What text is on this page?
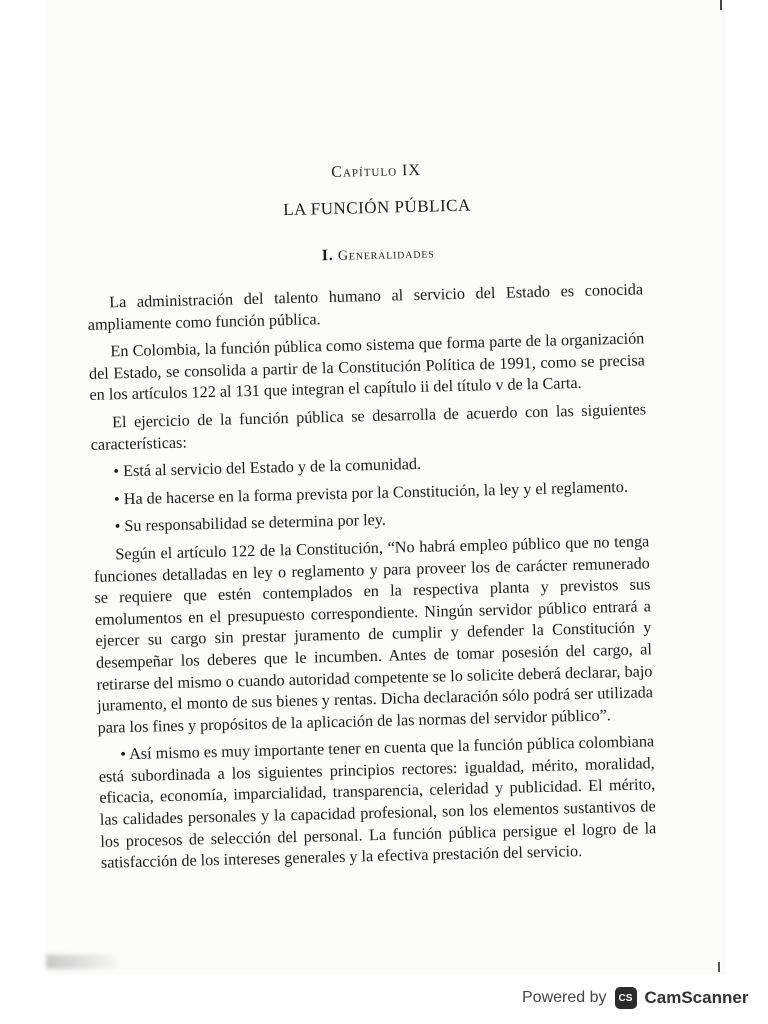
Capítulo IX
LA FUNCIÓN PÚBLICA
I. Generalidades

La administración del talento humano al servicio del Estado es conocida ampliamente como función pública.

En Colombia, la función pública como sistema que forma parte de la organización del Estado, se consolida a partir de la Constitución Política de 1991, como se precisa en los artículos 122 al 131 que integran el capítulo ii del título v de la Carta.

El ejercicio de la función pública se desarrolla de acuerdo con las siguientes características:

• Está al servicio del Estado y de la comunidad.

• Ha de hacerse en la forma prevista por la Constitución, la ley y el reglamento.

• Su responsabilidad se determina por ley.

Según el artículo 122 de la Constitución, “No habrá empleo público que no tenga funciones detalladas en ley o reglamento y para proveer los de carácter remunerado se requiere que estén contemplados en la respectiva planta y previstos sus emolumentos en el presupuesto correspondiente. Ningún servidor público entrará a ejercer su cargo sin prestar juramento de cumplir y defender la Constitución y desempeñar los deberes que le incumben. Antes de tomar posesión del cargo, al retirarse del mismo o cuando autoridad competente se lo solicite deberá declarar, bajo juramento, el monto de sus bienes y rentas. Dicha declaración sólo podrá ser utilizada para los fines y propósitos de la aplicación de las normas del servidor público”.

• Así mismo es muy importante tener en cuenta que la función pública colombiana está subordinada a los siguientes principios rectores: igualdad, mérito, moralidad, eficacia, economía, imparcialidad, transparencia, celeridad y publicidad. El mérito, las calidades personales y la capacidad profesional, son los elementos sustantivos de los procesos de selección del personal. La función pública persigue el logro de la satisfacción de los intereses generales y la efectiva prestación del servicio.

Powered by	CS CamScanner
